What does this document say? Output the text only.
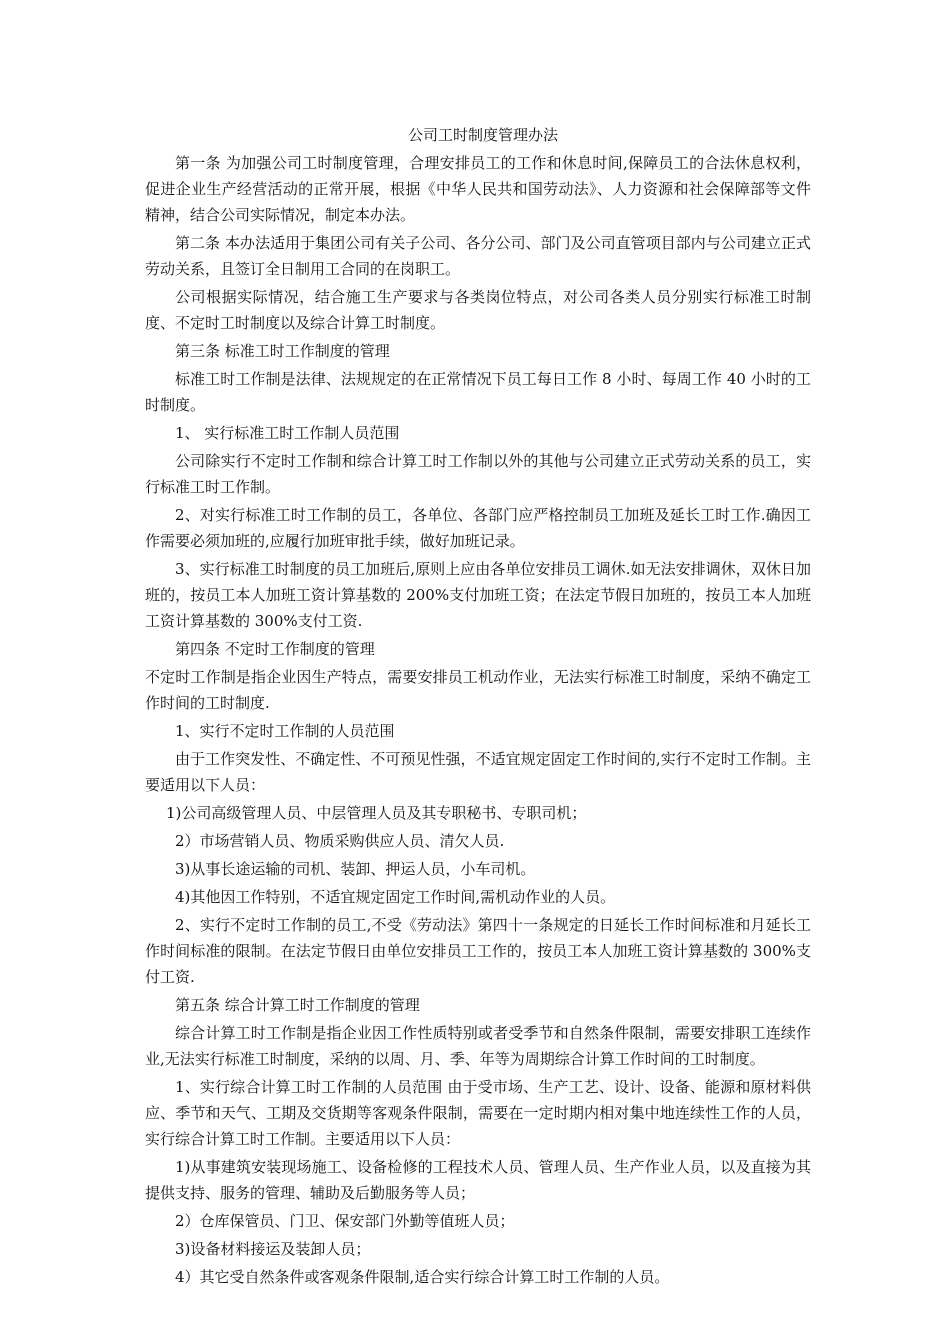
公司工时制度管理办法

第一条 为加强公司工时制度管理，合理安排员工的工作和休息时间,保障员工的合法休息权利，促进企业生产经营活动的正常开展，根据《中华人民共和国劳动法》、人力资源和社会保障部等文件精神，结合公司实际情况，制定本办法。

第二条 本办法适用于集团公司有关子公司、各分公司、部门及公司直管项目部内与公司建立正式劳动关系，且签订全日制用工合同的在岗职工。

公司根据实际情况，结合施工生产要求与各类岗位特点，对公司各类人员分别实行标准工时制度、不定时工时制度以及综合计算工时制度。

第三条 标准工时工作制度的管理

标准工时工作制是法律、法规规定的在正常情况下员工每日工作 8 小时、每周工作 40 小时的工时制度。

1、 实行标准工时工作制人员范围

公司除实行不定时工作制和综合计算工时工作制以外的其他与公司建立正式劳动关系的员工，实行标准工时工作制。

2、对实行标准工时工作制的员工，各单位、各部门应严格控制员工加班及延长工时工作.确因工作需要必须加班的,应履行加班审批手续，做好加班记录。

3、实行标准工时制度的员工加班后,原则上应由各单位安排员工调休.如无法安排调休，双休日加班的，按员工本人加班工资计算基数的 200%支付加班工资；在法定节假日加班的，按员工本人加班工资计算基数的 300%支付工资.

第四条 不定时工作制度的管理

不定时工作制是指企业因生产特点，需要安排员工机动作业，无法实行标准工时制度，采纳不确定工作时间的工时制度.

1、实行不定时工作制的人员范围

由于工作突发性、不确定性、不可预见性强，不适宜规定固定工作时间的,实行不定时工作制。主要适用以下人员：

1)公司高级管理人员、中层管理人员及其专职秘书、专职司机；

2）市场营销人员、物质采购供应人员、清欠人员.

3)从事长途运输的司机、装卸、押运人员，小车司机。

4)其他因工作特别，不适宜规定固定工作时间,需机动作业的人员。

2、实行不定时工作制的员工,不受《劳动法》第四十一条规定的日延长工作时间标准和月延长工作时间标准的限制。在法定节假日由单位安排员工工作的，按员工本人加班工资计算基数的 300%支付工资.

第五条 综合计算工时工作制度的管理

综合计算工时工作制是指企业因工作性质特别或者受季节和自然条件限制，需要安排职工连续作业,无法实行标准工时制度，采纳的以周、月、季、年等为周期综合计算工作时间的工时制度。

1、实行综合计算工时工作制的人员范围 由于受市场、生产工艺、设计、设备、能源和原材料供应、季节和天气、工期及交货期等客观条件限制，需要在一定时期内相对集中地连续性工作的人员，实行综合计算工时工作制。主要适用以下人员：

1)从事建筑安装现场施工、设备检修的工程技术人员、管理人员、生产作业人员，以及直接为其提供支持、服务的管理、辅助及后勤服务等人员；

2）仓库保管员、门卫、保安部门外勤等值班人员；

3)设备材料接运及装卸人员；

4）其它受自然条件或客观条件限制,适合实行综合计算工时工作制的人员。
